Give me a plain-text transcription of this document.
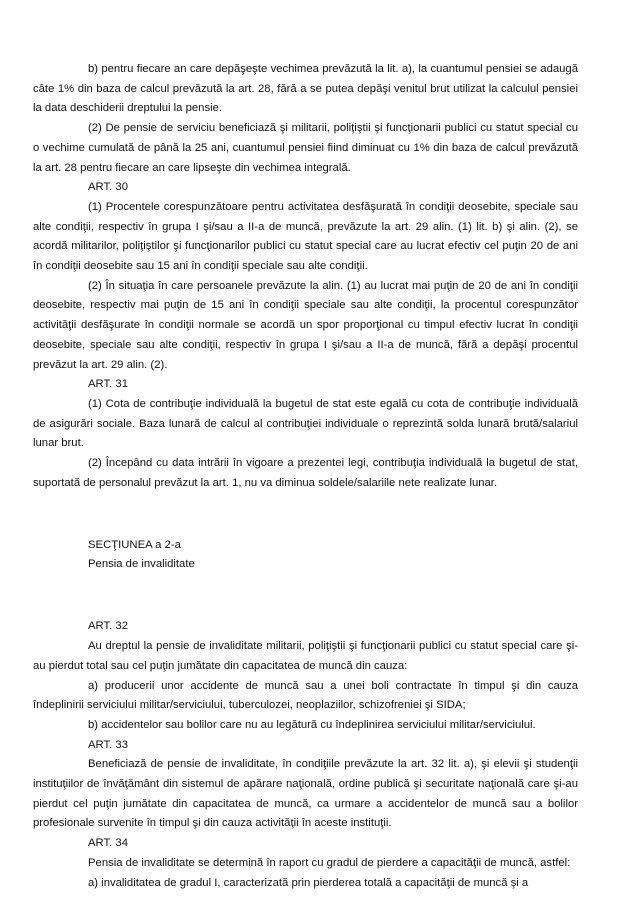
b) pentru fiecare an care depăşeşte vechimea prevăzută la lit. a), la cuantumul pensiei se adaugă câte 1% din baza de calcul prevăzută la art. 28, fără a se putea depăşi venitul brut utilizat la calculul pensiei la data deschiderii dreptului la pensie.

(2) De pensie de serviciu beneficiază şi militarii, poliţiştii şi funcţionarii publici cu statut special cu o vechime cumulată de până la 25 ani, cuantumul pensiei fiind diminuat cu 1% din baza de calcul prevăzută la art. 28 pentru fiecare an care lipseşte din vechimea integrală.

ART. 30

(1) Procentele corespunzătoare pentru activitatea desfăşurată în condiţii deosebite, speciale sau alte condiţii, respectiv în grupa I şi/sau a II-a de muncă, prevăzute la art. 29 alin. (1) lit. b) şi alin. (2), se acordă militarilor, poliţiştilor şi funcţionarilor publici cu statut special care au lucrat efectiv cel puţin 20 de ani în condiţii deosebite sau 15 ani în condiţii speciale sau alte condiţii.

(2) În situaţia în care persoanele prevăzute la alin. (1) au lucrat mai puţin de 20 de ani în condiţii deosebite, respectiv mai puţin de 15 ani în condiţii speciale sau alte condiţii, la procentul corespunzător activităţii desfăşurate în condiţii normale se acordă un spor proporţional cu timpul efectiv lucrat în condiţii deosebite, speciale sau alte condiţii, respectiv în grupa I şi/sau a II-a de muncă, fără a depăşi procentul prevăzut la art. 29 alin. (2).

ART. 31

(1) Cota de contribuţie individuală la bugetul de stat este egală cu cota de contribuţie individuală de asigurări sociale. Baza lunară de calcul al contribuţiei individuale o reprezintă solda lunară brută/salariul lunar brut.

(2) Începând cu data intrării în vigoare a prezentei legi, contribuţia individuală la bugetul de stat, suportată de personalul prevăzut la art. 1, nu va diminua soldele/salariile nete realizate lunar.

SECŢIUNEA a 2-a

Pensia de invaliditate

ART. 32

Au dreptul la pensie de invaliditate militarii, poliţiştii şi funcţionarii publici cu statut special care şi-au pierdut total sau cel puţin jumătate din capacitatea de muncă din cauza:

a) producerii unor accidente de muncă sau a unei boli contractate în timpul şi din cauza îndeplinirii serviciului militar/serviciului, tuberculozei, neoplaziilor, schizofreniei şi SIDA;

b) accidentelor sau bolilor care nu au legătură cu îndeplinirea serviciului militar/serviciului.

ART. 33

Beneficiază de pensie de invaliditate, în condiţiile prevăzute la art. 32 lit. a), şi elevii şi studenţii instituţiilor de învăţământ din sistemul de apărare naţională, ordine publică şi securitate naţională care şi-au pierdut cel puţin jumătate din capacitatea de muncă, ca urmare a accidentelor de muncă sau a bolilor profesionale survenite în timpul şi din cauza activităţii în aceste instituţii.

ART. 34

Pensia de invaliditate se determină în raport cu gradul de pierdere a capacităţii de muncă, astfel:

a) invaliditatea de gradul I, caracterizată prin pierderea totală a capacităţii de muncă şi a
